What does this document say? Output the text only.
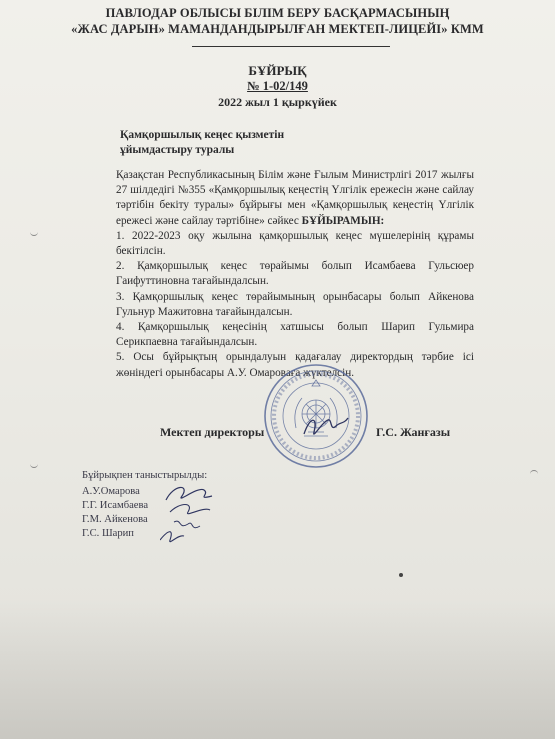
ПАВЛОДАР ОБЛЫСЫ БІЛІМ БЕРУ БАСҚАРМАСЫНЫҢ
«ЖАС ДАРЫН» МАМАНДАНДЫРЫЛҒАН МЕКТЕП-ЛИЦЕЙІ» КММ
БҰЙРЫҚ
№ 1-02/149
2022 жыл 1 қыркүйек
Қамқоршылық кеңес қызметін
ұйымдастыру туралы
Қазақстан Республикасының Білім және Ғылым Министрлігі 2017 жылғы 27 шілдедігі №355 «Қамқоршылық кеңестің Үлгілік ережесін және сайлау тәртібін бекіту туралы» бұйрығы мен «Қамқоршылық кеңестің Үлгілік ережесі және сайлау тәртібіне» сәйкес БҰЙЫРАМЫН:
1. 2022-2023 оқу жылына қамқоршылық кеңес мүшелерінің құрамы бекітілсін.
2. Қамқоршылық кеңес төрайымы болып Исамбаева Гульсюер Гаифуттиновна тағайындалсын.
3. Қамқоршылық кеңес төрайымының орынбасары болып Айкенова Гульнур Мажитовна тағайындалсын.
4. Қамқоршылық кеңесінің хатшысы болып Шарип Гульмира Серикпаевна тағайындалсын.
5. Осы бұйрықтың орындалуын қадағалау директордың тәрбие ісі жөніндегі орынбасары А.У. Омароваға жүктелсін.
Мектеп директоры	Г.С. Жанғазы
Бұйрықпен таныстырылды:
А.У.Омарова
Г.Г. Исамбаева
Г.М. Айкенова
Г.С. Шарип
